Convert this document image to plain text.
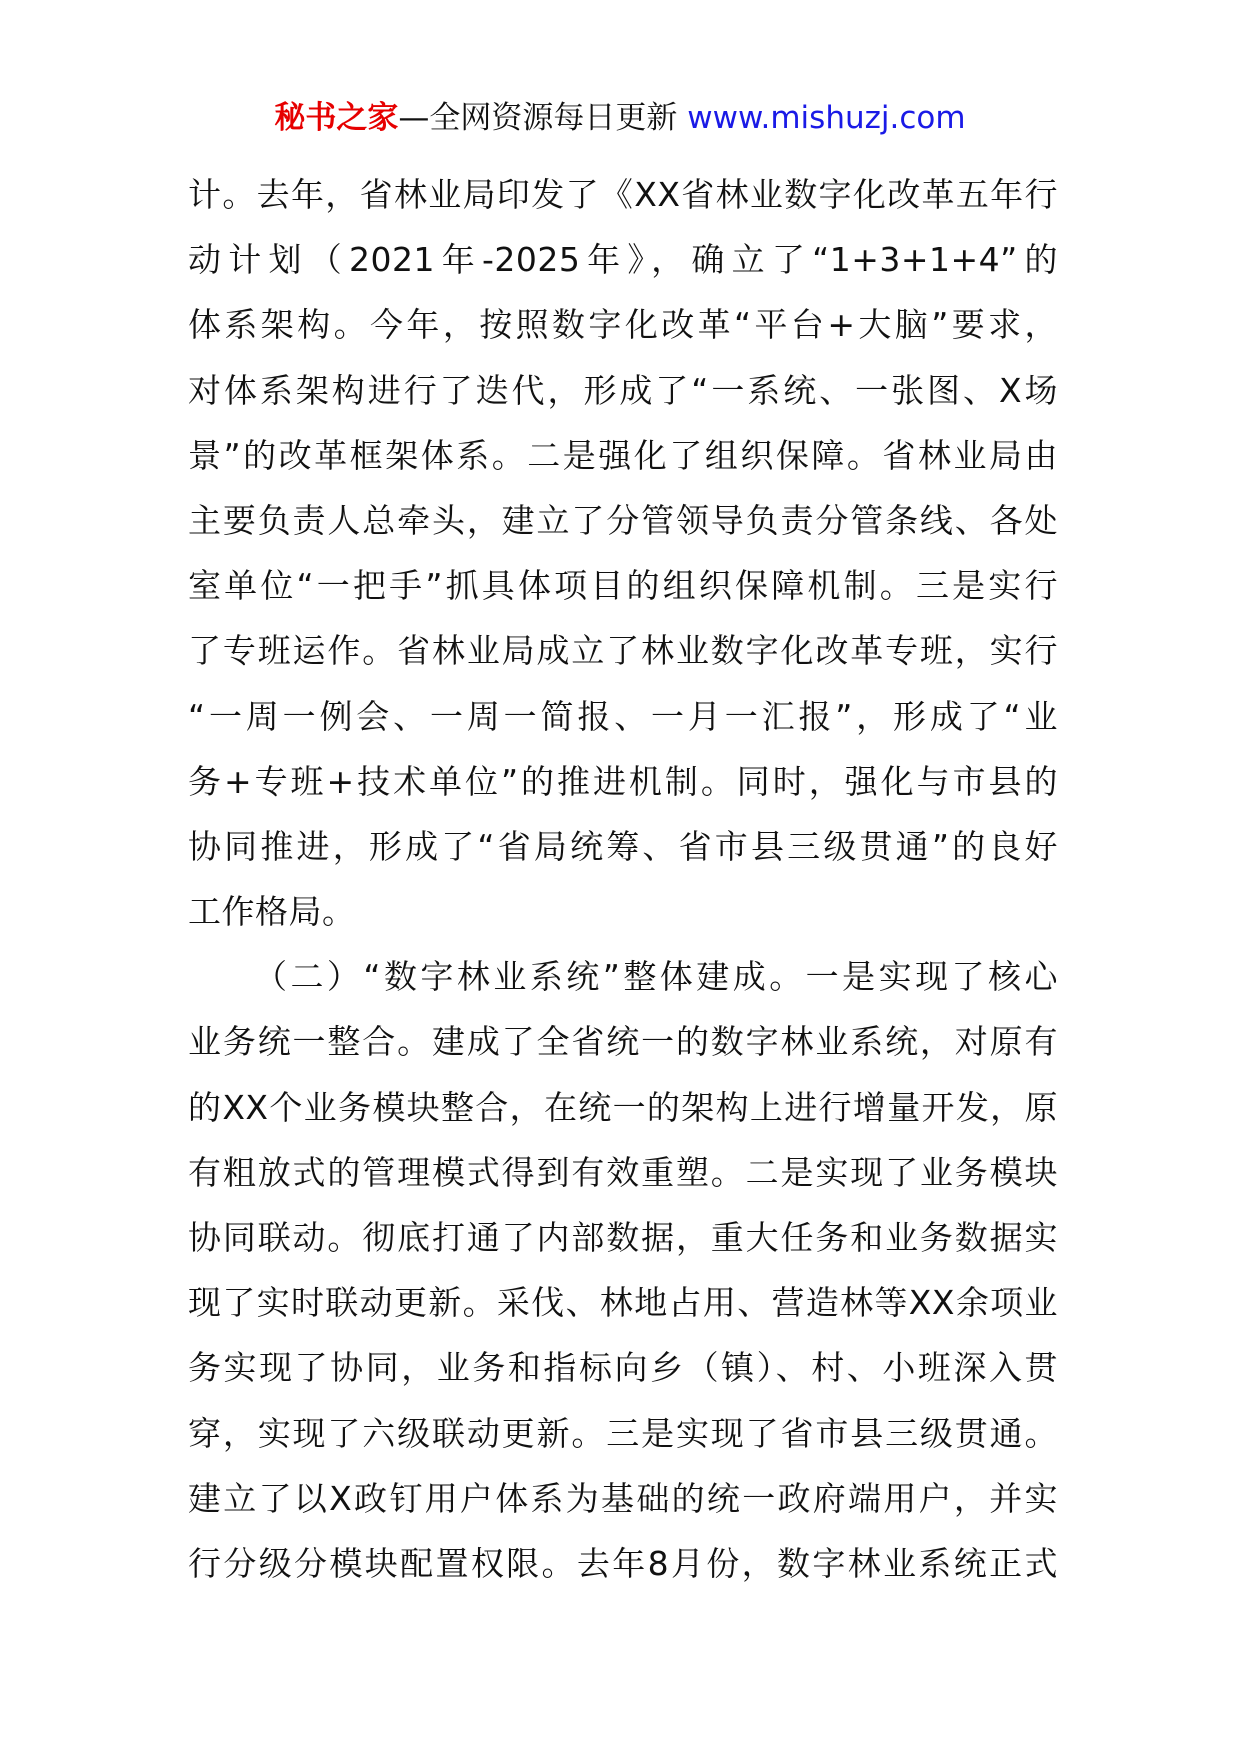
秘书之家—全网资源每日更新 www.mishuzj.com
计。去年，省林业局印发了《XX省林业数字化改革五年行
动计划（2021年-2025年》，确立了“1+3+1+4”的
体系架构。今年，按照数字化改革“平台+大脑”要求，
对体系架构进行了迭代，形成了“一系统、一张图、X场
景”的改革框架体系。二是强化了组织保障。省林业局由
主要负责人总牵头，建立了分管领导负责分管条线、各处
室单位“一把手”抓具体项目的组织保障机制。三是实行
了专班运作。省林业局成立了林业数字化改革专班，实行
“一周一例会、一周一简报、一月一汇报”，形成了“业
务+专班+技术单位”的推进机制。同时，强化与市县的
协同推进，形成了“省局统筹、省市县三级贯通”的良好
工作格局。
（二）“数字林业系统”整体建成。一是实现了核心
业务统一整合。建成了全省统一的数字林业系统，对原有
的XX个业务模块整合，在统一的架构上进行增量开发，原
有粗放式的管理模式得到有效重塑。二是实现了业务模块
协同联动。彻底打通了内部数据，重大任务和业务数据实
现了实时联动更新。采伐、林地占用、营造林等XX余项业
务实现了协同，业务和指标向乡（镇）、村、小班深入贯
穿，实现了六级联动更新。三是实现了省市县三级贯通。
建立了以X政钉用户体系为基础的统一政府端用户，并实
行分级分模块配置权限。去年8月份，数字林业系统正式
